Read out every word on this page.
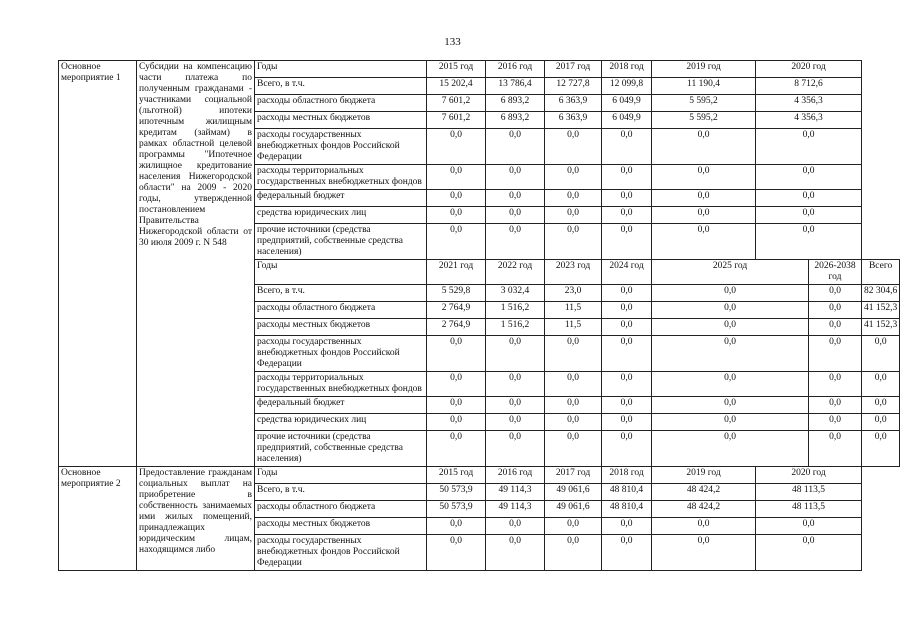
133
Основное мероприятие 1	Субсидии на компенсацию части платежа по полученным гражданами - участниками социальной (льготной) ипотеки ипотечным жилищным кредитам (займам) в рамках областной целевой программы "Ипотечное жилищное кредитование населения Нижегородской области" на 2009 - 2020 годы, утвержденной постановлением Правительства Нижегородской области от 30 июля 2009 г. N 548	Годы	2015 год	2016 год	2017 год	2018 год	2019 год	2020 год		
		Всего, в т.ч.	15 202,4	13 786,4	12 727,8	12 099,8	11 190,4	8 712,6		
		расходы областного бюджета	7 601,2	6 893,2	6 363,9	6 049,9	5 595,2	4 356,3		
		расходы местных бюджетов	7 601,2	6 893,2	6 363,9	6 049,9	5 595,2	4 356,3		
		расходы государственных внебюджетных фондов Российской Федерации	0,0	0,0	0,0	0,0	0,0	0,0		
		расходы территориальных государственных внебюджетных фондов	0,0	0,0	0,0	0,0	0,0	0,0		
		федеральный бюджет	0,0	0,0	0,0	0,0	0,0	0,0		
		средства юридических лиц	0,0	0,0	0,0	0,0	0,0	0,0		
		прочие источники (средства предприятий, собственные средства населения)	0,0	0,0	0,0	0,0	0,0	0,0		
		Годы	2021 год	2022 год	2023 год	2024 год	2025 год		2026-2038 год	Всего
		Всего, в т.ч.	5 529,8	3 032,4	23,0	0,0	0,0		0,0	82 304,6
		расходы областного бюджета	2 764,9	1 516,2	11,5	0,0	0,0		0,0	41 152,3
		расходы местных бюджетов	2 764,9	1 516,2	11,5	0,0	0,0		0,0	41 152,3
		расходы государственных внебюджетных фондов Российской Федерации	0,0	0,0	0,0	0,0	0,0		0,0	0,0
		расходы территориальных государственных внебюджетных фондов	0,0	0,0	0,0	0,0	0,0		0,0	0,0
		федеральный бюджет	0,0	0,0	0,0	0,0	0,0		0,0	0,0
		средства юридических лиц	0,0	0,0	0,0	0,0	0,0		0,0	0,0
		прочие источники (средства предприятий, собственные средства населения)	0,0	0,0	0,0	0,0	0,0		0,0	0,0
Основное мероприятие 2	Предоставление гражданам социальных выплат на приобретение в собственность занимаемых ими жилых помещений, принадлежащих юридическим лицам, находящимся либо	Годы	2015 год	2016 год	2017 год	2018 год	2019 год	2020 год		
		Всего, в т.ч.	50 573,9	49 114,3	49 061,6	48 810,4	48 424,2	48 113,5		
		расходы областного бюджета	50 573,9	49 114,3	49 061,6	48 810,4	48 424,2	48 113,5		
		расходы местных бюджетов	0,0	0,0	0,0	0,0	0,0	0,0		
		расходы государственных внебюджетных фондов Российской Федерации	0,0	0,0	0,0	0,0	0,0	0,0		
